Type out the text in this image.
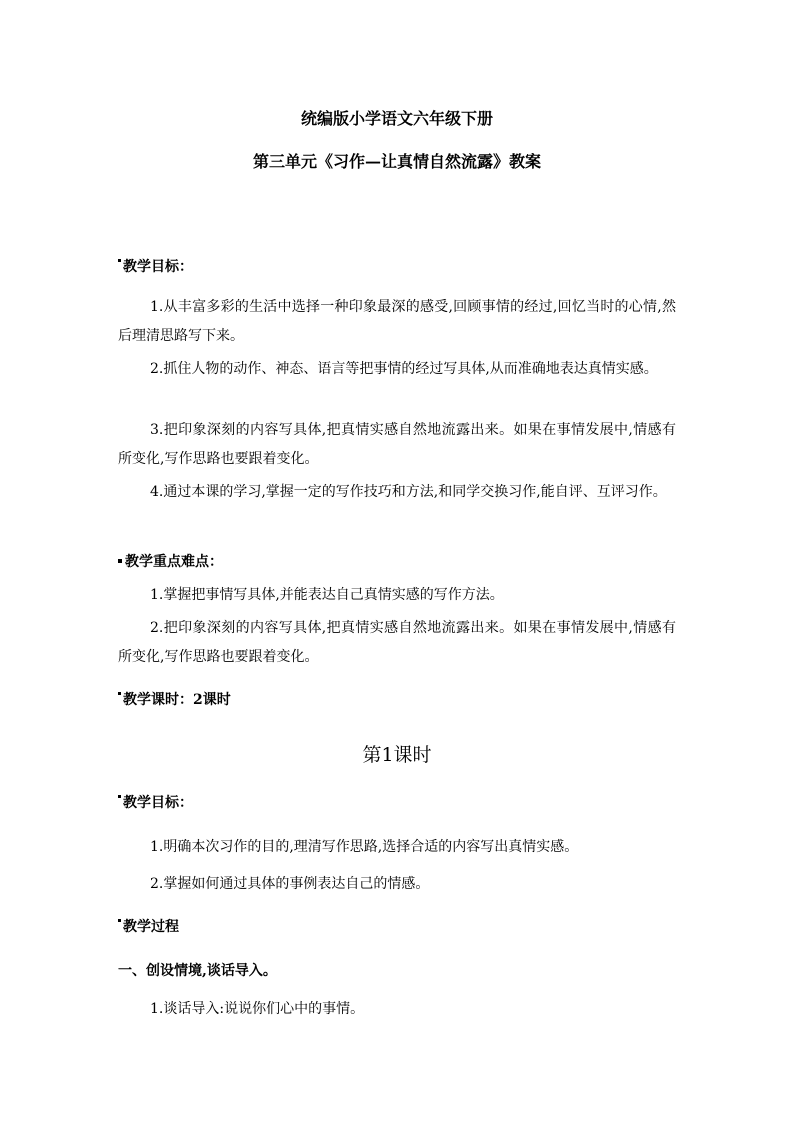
统编版小学语文六年级下册
第三单元《习作—让真情自然流露》教案
教学目标：
1.从丰富多彩的生活中选择一种印象最深的感受,回顾事情的经过,回忆当时的心情,然后理清思路写下来。
2.抓住人物的动作、神态、语言等把事情的经过写具体,从而准确地表达真情实感。
3.把印象深刻的内容写具体,把真情实感自然地流露出来。如果在事情发展中,情感有所变化,写作思路也要跟着变化。
4.通过本课的学习,掌握一定的写作技巧和方法,和同学交换习作,能自评、互评习作。
教学重点难点：
1.掌握把事情写具体,并能表达自己真情实感的写作方法。
2.把印象深刻的内容写具体,把真情实感自然地流露出来。如果在事情发展中,情感有所变化,写作思路也要跟着变化。
教学课时：2课时
第1课时
教学目标：
1.明确本次习作的目的,理清写作思路,选择合适的内容写出真情实感。
2.掌握如何通过具体的事例表达自己的情感。
教学过程
一、创设情境,谈话导入。
1.谈话导入:说说你们心中的事情。
